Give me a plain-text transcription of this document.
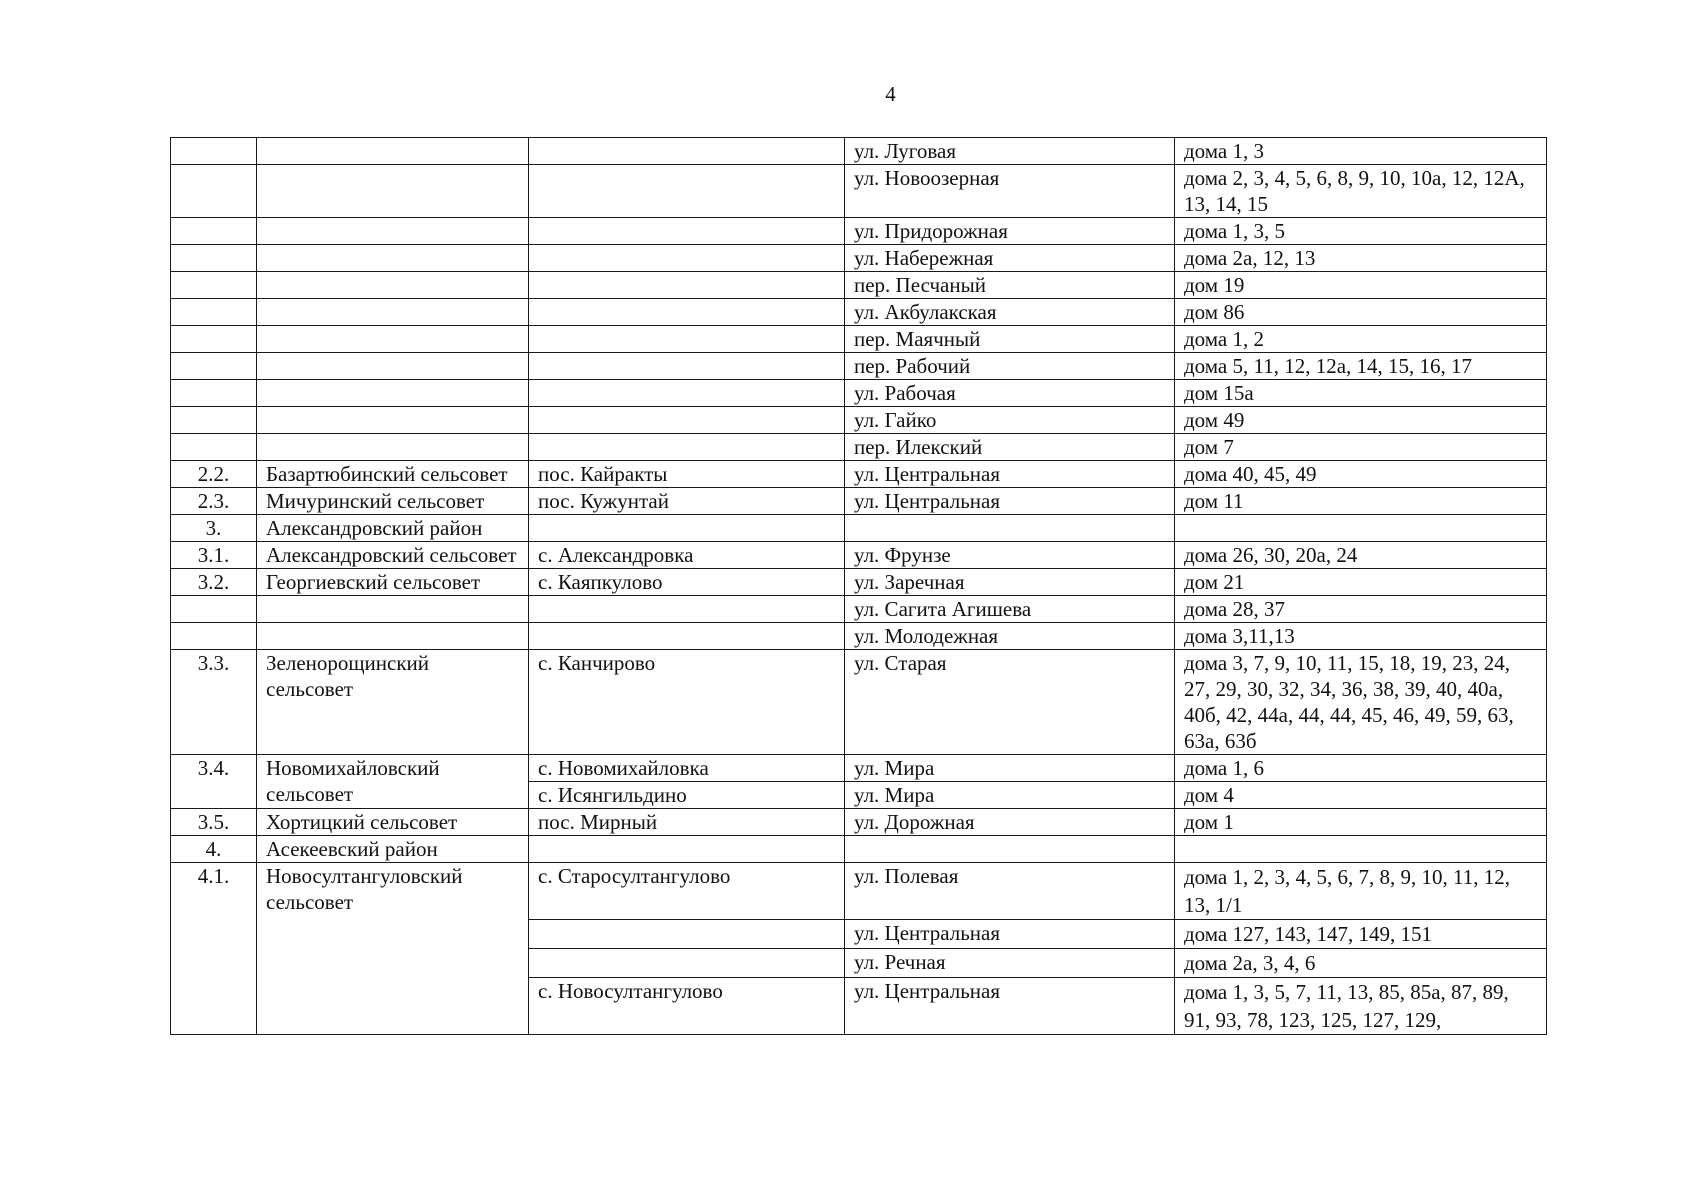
4
			ул. Луговая	дома 1, 3
			ул. Новоозерная	дома 2, 3, 4, 5, 6, 8, 9, 10, 10а, 12, 12А, 13, 14, 15
			ул. Придорожная	дома 1, 3, 5
			ул. Набережная	дома 2а, 12, 13
			пер. Песчаный	дом 19
			ул. Акбулакская	дом 86
			пер. Маячный	дома 1, 2
			пер. Рабочий	дома 5, 11, 12, 12а, 14, 15, 16, 17
			ул. Рабочая	дом 15а
			ул. Гайко	дом 49
			пер. Илекский	дом 7
2.2.	Базартюбинский сельсовет	пос. Кайракты	ул. Центральная	дома 40, 45, 49
2.3.	Мичуринский сельсовет	пос. Кужунтай	ул. Центральная	дом 11
3.	Александровский район			
3.1.	Александровский сельсовет	с. Александровка	ул. Фрунзе	дома 26, 30, 20а, 24
3.2.	Георгиевский сельсовет	с. Каяпкулово	ул. Заречная	дом 21
			ул. Сагита Агишева	дома 28, 37
			ул. Молодежная	дома 3,11,13
3.3.	Зеленорощинский сельсовет	с. Канчирово	ул. Старая	дома 3, 7, 9, 10, 11, 15, 18, 19, 23, 24, 27, 29, 30, 32, 34, 36, 38, 39, 40, 40а, 40б, 42, 44а, 44, 44, 45, 46, 49, 59, 63, 63а, 63б
3.4.	Новомихайловский сельсовет	с. Новомихайловка	ул. Мира	дома 1, 6
		с. Исянгильдино	ул. Мира	дом 4
3.5.	Хортицкий сельсовет	пос. Мирный	ул. Дорожная	дом 1
4.	Асекеевский район			
4.1.	Новосултангуловский сельсовет	с. Старосултангулово	ул. Полевая	дома 1, 2, 3, 4, 5, 6, 7, 8, 9, 10, 11, 12, 13, 1/1
			ул. Центральная	дома 127, 143, 147, 149, 151
			ул. Речная	дома 2а, 3, 4, 6
		с. Новосултангулово	ул. Центральная	дома 1, 3, 5, 7, 11, 13, 85, 85а, 87, 89, 91, 93, 78, 123, 125, 127, 129,
